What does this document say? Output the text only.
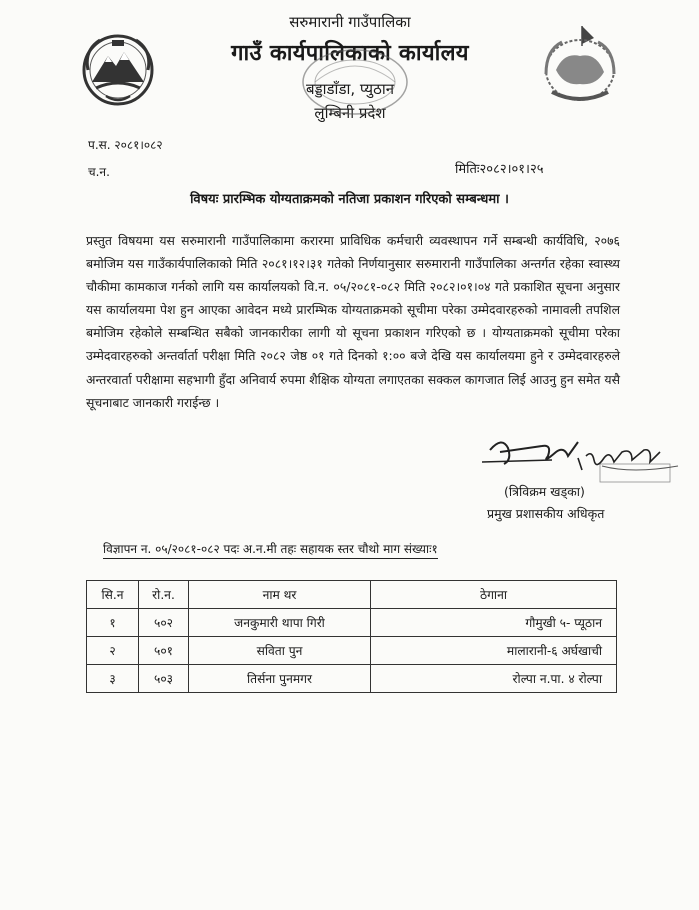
सरुमारानी गाउँपालिका
गाउँ कार्यपालिकाको कार्यालय
बड्डाडाँडा, प्युठान
लुम्बिनी प्रदेश
प.स. २०८१।०८२
च.न.	मितिः२०८२।०१।२५
विषयः प्रारम्भिक योग्यताक्रमको नतिजा प्रकाशन गरिएको सम्बन्धमा ।
प्रस्तुत विषयमा यस सरुमारानी गाउँपालिकामा करारमा प्राविधिक कर्मचारी व्यवस्थापन गर्ने सम्बन्धी कार्यविधि, २०७६ बमोजिम यस गाउँकार्यपालिकाको मिति २०८१।१२।३१ गतेको निर्णयानुसार सरुमारानी गाउँपालिका अन्तर्गत रहेका स्वास्थ्य चौकीमा कामकाज गर्नको लागि यस कार्यालयको वि.न. ०५/२०८१-०८२ मिति २०८२।०१।०४ गते प्रकाशित सूचना अनुसार यस कार्यालयमा पेश हुन आएका आवेदन मध्ये प्रारम्भिक योग्यताक्रमको सूचीमा परेका उम्मेदवारहरुको नामावली तपशिल बमोजिम रहेकोले सम्बन्धित सबैको जानकारीका लागी यो सूचना प्रकाशन गरिएको छ । योग्यताक्रमको सूचीमा परेका उम्मेदवारहरुको अन्तर्वार्ता परीक्षा मिति २०८२ जेष्ठ ०१ गते दिनको १:०० बजे देखि यस कार्यालयमा हुने र उम्मेदवारहरुले अन्तरवार्ता परीक्षामा सहभागी हुँदा अनिवार्य रुपमा शैक्षिक योग्यता लगाएतका सक्कल कागजात लिई आउनु हुन समेत यसै सूचनाबाट जानकारी गराईन्छ ।
(त्रिविक्रम खड्का)
प्रमुख प्रशासकीय अधिकृत
विज्ञापन न. ०५/२०८१-०८२ पदः अ.न.मी तहः सहायक स्तर चौथो माग संख्याः१
सि.न	रो.न.	नाम थर	ठेगाना
१	५०२	जनकुमारी थापा गिरी	गौमुखी ५- प्यूठान
२	५०१	सविता पुन	मालारानी-६ अर्घखाची
३	५०३	तिर्सना पुनमगर	रोल्पा न.पा. ४ रोल्पा
